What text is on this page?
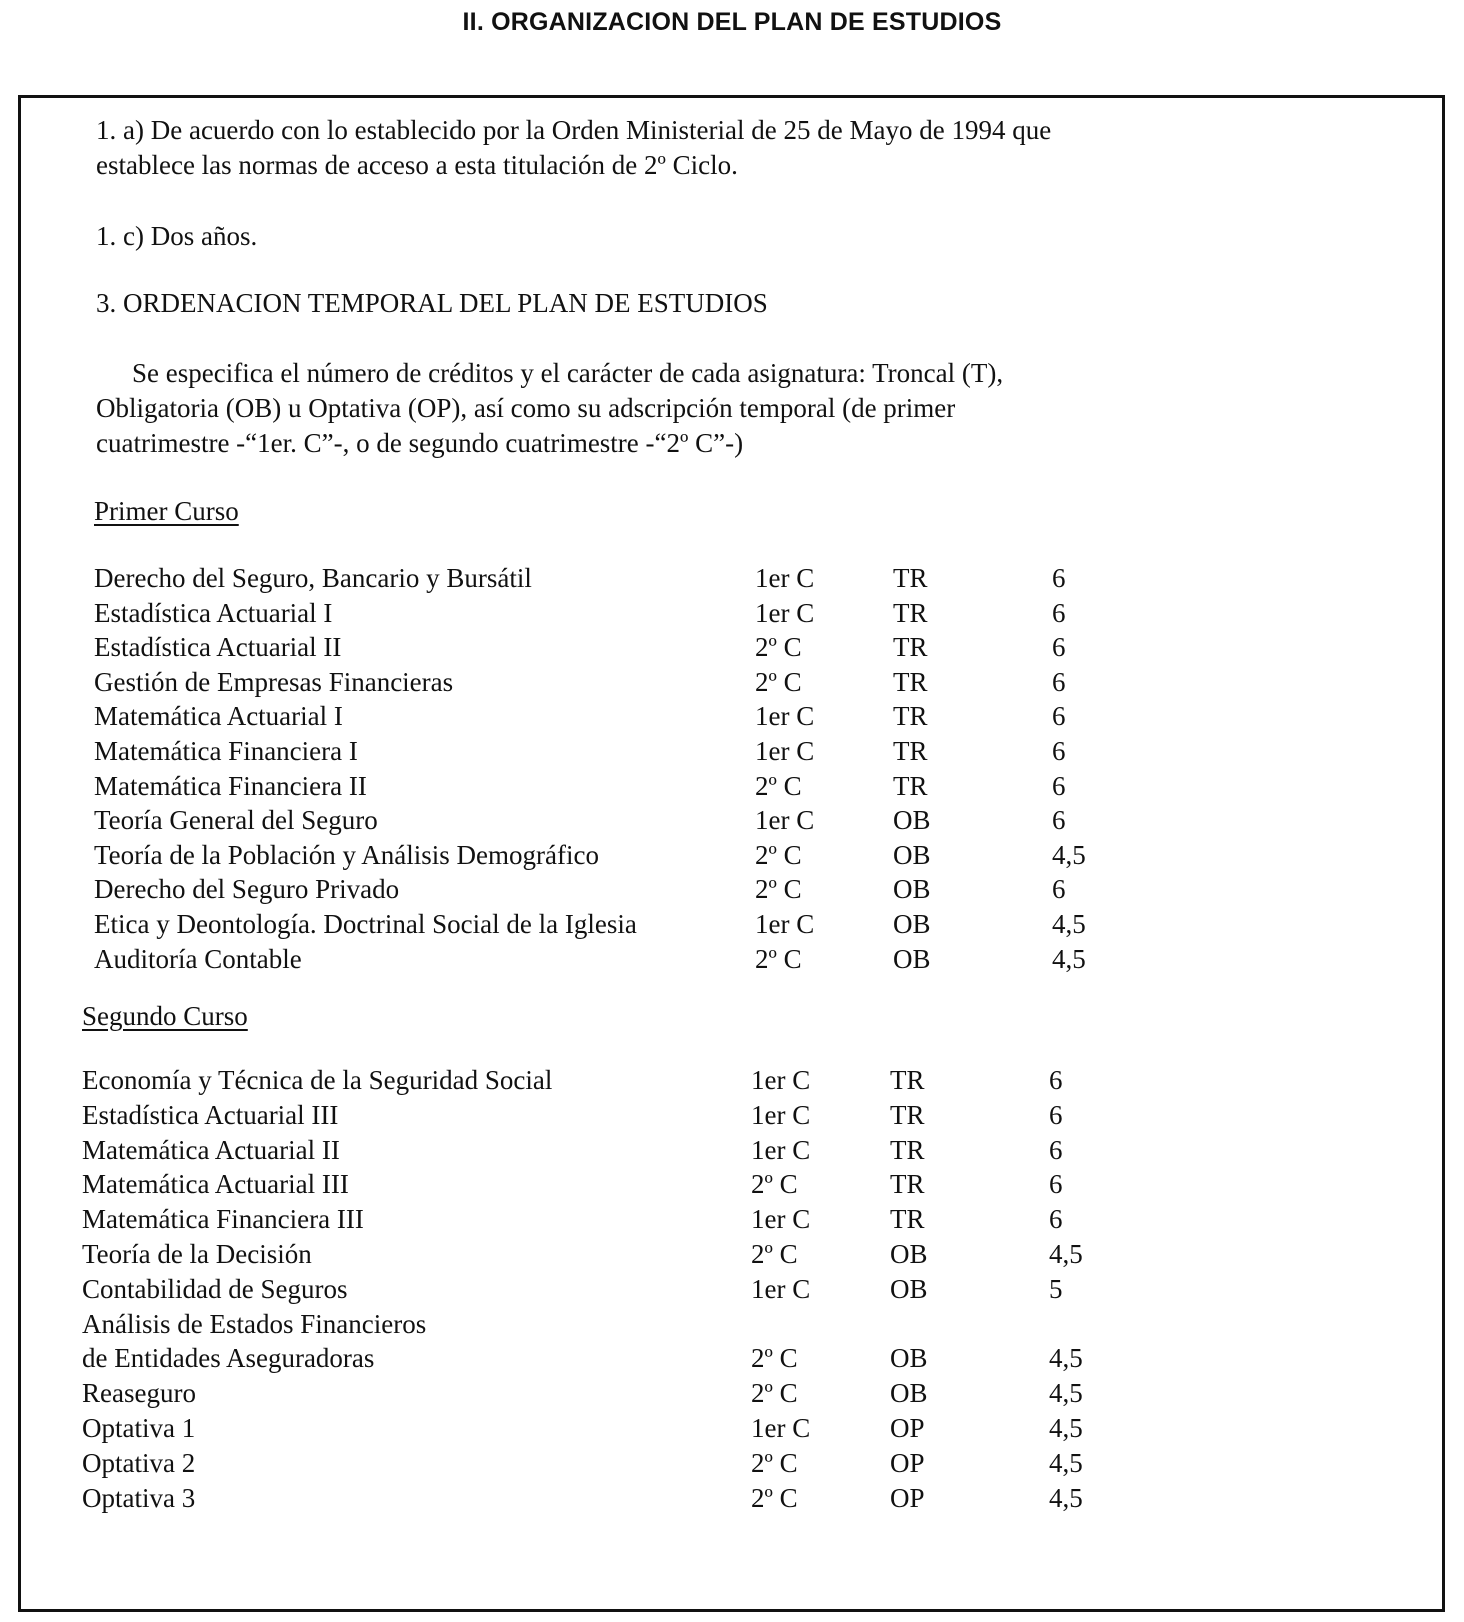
II. ORGANIZACION DEL PLAN DE ESTUDIOS
1. a) De acuerdo con lo establecido por la Orden Ministerial de 25 de Mayo de 1994 que
establece las normas de acceso a esta titulación de 2º Ciclo.
1. c) Dos años.
3. ORDENACION TEMPORAL DEL PLAN DE ESTUDIOS
Se especifica el número de créditos y el carácter de cada asignatura: Troncal (T),
Obligatoria (OB) u Optativa (OP), así como su adscripción temporal (de primer
cuatrimestre -“1er. C”-, o de segundo cuatrimestre -“2º C”-)
Primer Curso
Derecho del Seguro, Bancario y Bursátil	1er C	TR	6
Estadística Actuarial I	1er C	TR	6
Estadística Actuarial II	2º C	TR	6
Gestión de Empresas Financieras	2º C	TR	6
Matemática Actuarial I	1er C	TR	6
Matemática Financiera I	1er C	TR	6
Matemática Financiera II	2º C	TR	6
Teoría General del Seguro	1er C	OB	6
Teoría de la Población y Análisis Demográfico	2º C	OB	4,5
Derecho del Seguro Privado	2º C	OB	6
Etica y Deontología. Doctrinal Social de la Iglesia	1er C	OB	4,5
Auditoría Contable	2º C	OB	4,5
Segundo Curso
Economía y Técnica de la Seguridad Social	1er C	TR	6
Estadística Actuarial III	1er C	TR	6
Matemática Actuarial II	1er C	TR	6
Matemática Actuarial III	2º C	TR	6
Matemática Financiera III	1er C	TR	6
Teoría de la Decisión	2º C	OB	4,5
Contabilidad de Seguros	1er C	OB	5
Análisis de Estados Financieros
de Entidades Aseguradoras	2º C	OB	4,5
Reaseguro	2º C	OB	4,5
Optativa 1	1er C	OP	4,5
Optativa 2	2º C	OP	4,5
Optativa 3	2º C	OP	4,5
